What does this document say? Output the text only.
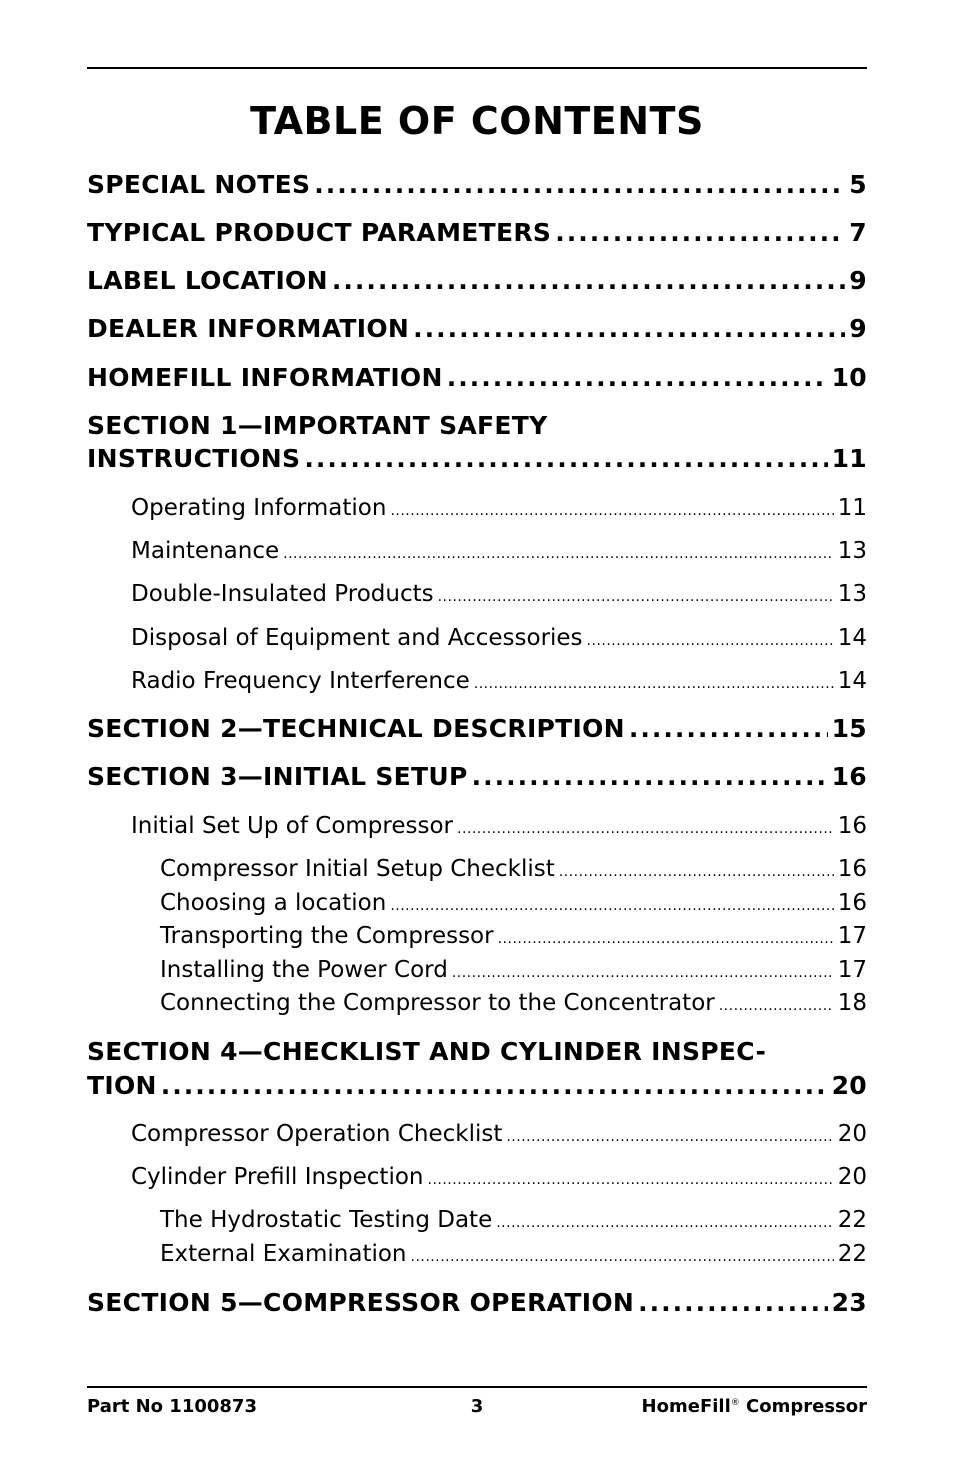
TABLE OF CONTENTS
SPECIAL NOTES .....	5
TYPICAL PRODUCT PARAMETERS .....	7
LABEL LOCATION .....	9
DEALER INFORMATION .....	9
HOMEFILL INFORMATION .....	10
SECTION 1—IMPORTANT SAFETY
INSTRUCTIONS .....	11
Operating Information .....	11
Maintenance .....	13
Double-Insulated Products .....	13
Disposal of Equipment and Accessories .....	14
Radio Frequency Interference .....	14
SECTION 2—TECHNICAL DESCRIPTION .....	15
SECTION 3—INITIAL SETUP .....	16
Initial Set Up of Compressor .....	16
Compressor Initial Setup Checklist .....	16
Choosing a location .....	16
Transporting the Compressor .....	17
Installing the Power Cord .....	17
Connecting the Compressor to the Concentrator .....	18
SECTION 4—CHECKLIST AND CYLINDER INSPEC-
TION .....	20
Compressor Operation Checklist .....	20
Cylinder Prefill Inspection .....	20
The Hydrostatic Testing Date .....	22
External Examination .....	22
SECTION 5—COMPRESSOR OPERATION .....	23
Part No 1100873	3	HomeFill® Compressor
